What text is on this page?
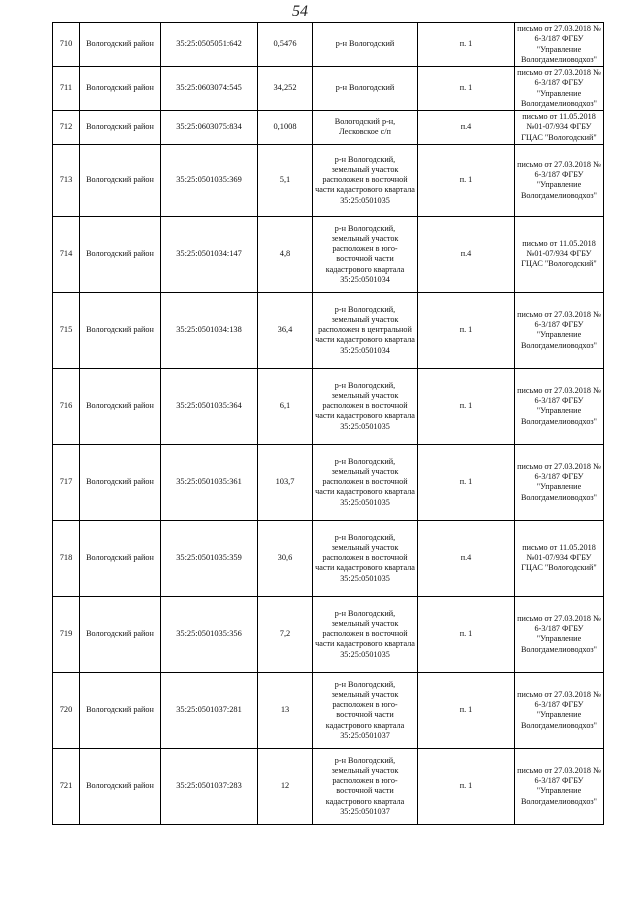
54
710	Вологодский район	35:25:0505051:642	0,5476	р-н Вологодский	п. 1	письмо от 27.03.2018 № 6-3/187 ФГБУ "Управление Вологдамелиоводхоз"
711	Вологодский район	35:25:0603074:545	34,252	р-н Вологодский	п. 1	письмо от 27.03.2018 № 6-3/187 ФГБУ "Управление Вологдамелиоводхоз"
712	Вологодский район	35:25:0603075:834	0,1008	Вологодский р-н, Лесковское с/п	п.4	письмо от 11.05.2018 №01-07/934 ФГБУ ГЦАС "Вологодский"
713	Вологодский район	35:25:0501035:369	5,1	р-н Вологодский, земельный участок расположен в восточной части кадастрового квартала 35:25:0501035	п. 1	письмо от 27.03.2018 № 6-3/187 ФГБУ "Управление Вологдамелиоводхоз"
714	Вологодский район	35:25:0501034:147	4,8	р-н Вологодский, земельный участок расположен в юго-восточной части кадастрового квартала 35:25:0501034	п.4	письмо от 11.05.2018 №01-07/934 ФГБУ ГЦАС "Вологодский"
715	Вологодский район	35:25:0501034:138	36,4	р-н Вологодский, земельный участок расположен в центральной части кадастрового квартала 35:25:0501034	п. 1	письмо от 27.03.2018 № 6-3/187 ФГБУ "Управление Вологдамелиоводхоз"
716	Вологодский район	35:25:0501035:364	6,1	р-н Вологодский, земельный участок расположен в восточной части кадастрового квартала 35:25:0501035	п. 1	письмо от 27.03.2018 № 6-3/187 ФГБУ "Управление Вологдамелиоводхоз"
717	Вологодский район	35:25:0501035:361	103,7	р-н Вологодский, земельный участок расположен в восточной части кадастрового квартала 35:25:0501035	п. 1	письмо от 27.03.2018 № 6-3/187 ФГБУ "Управление Вологдамелиоводхоз"
718	Вологодский район	35:25:0501035:359	30,6	р-н Вологодский, земельный участок расположен в восточной части кадастрового квартала 35:25:0501035	п.4	письмо от 11.05.2018 №01-07/934 ФГБУ ГЦАС "Вологодский"
719	Вологодский район	35:25:0501035:356	7,2	р-н Вологодский, земельный участок расположен в восточной части кадастрового квартала 35:25:0501035	п. 1	письмо от 27.03.2018 № 6-3/187 ФГБУ "Управление Вологдамелиоводхоз"
720	Вологодский район	35:25:0501037:281	13	р-н Вологодский, земельный участок расположен в юго-восточной части кадастрового квартала 35:25:0501037	п. 1	письмо от 27.03.2018 № 6-3/187 ФГБУ "Управление Вологдамелиоводхоз"
721	Вологодский район	35:25:0501037:283	12	р-н Вологодский, земельный участок расположен в юго-восточной части кадастрового квартала 35:25:0501037	п. 1	письмо от 27.03.2018 № 6-3/187 ФГБУ "Управление Вологдамелиоводхоз"
